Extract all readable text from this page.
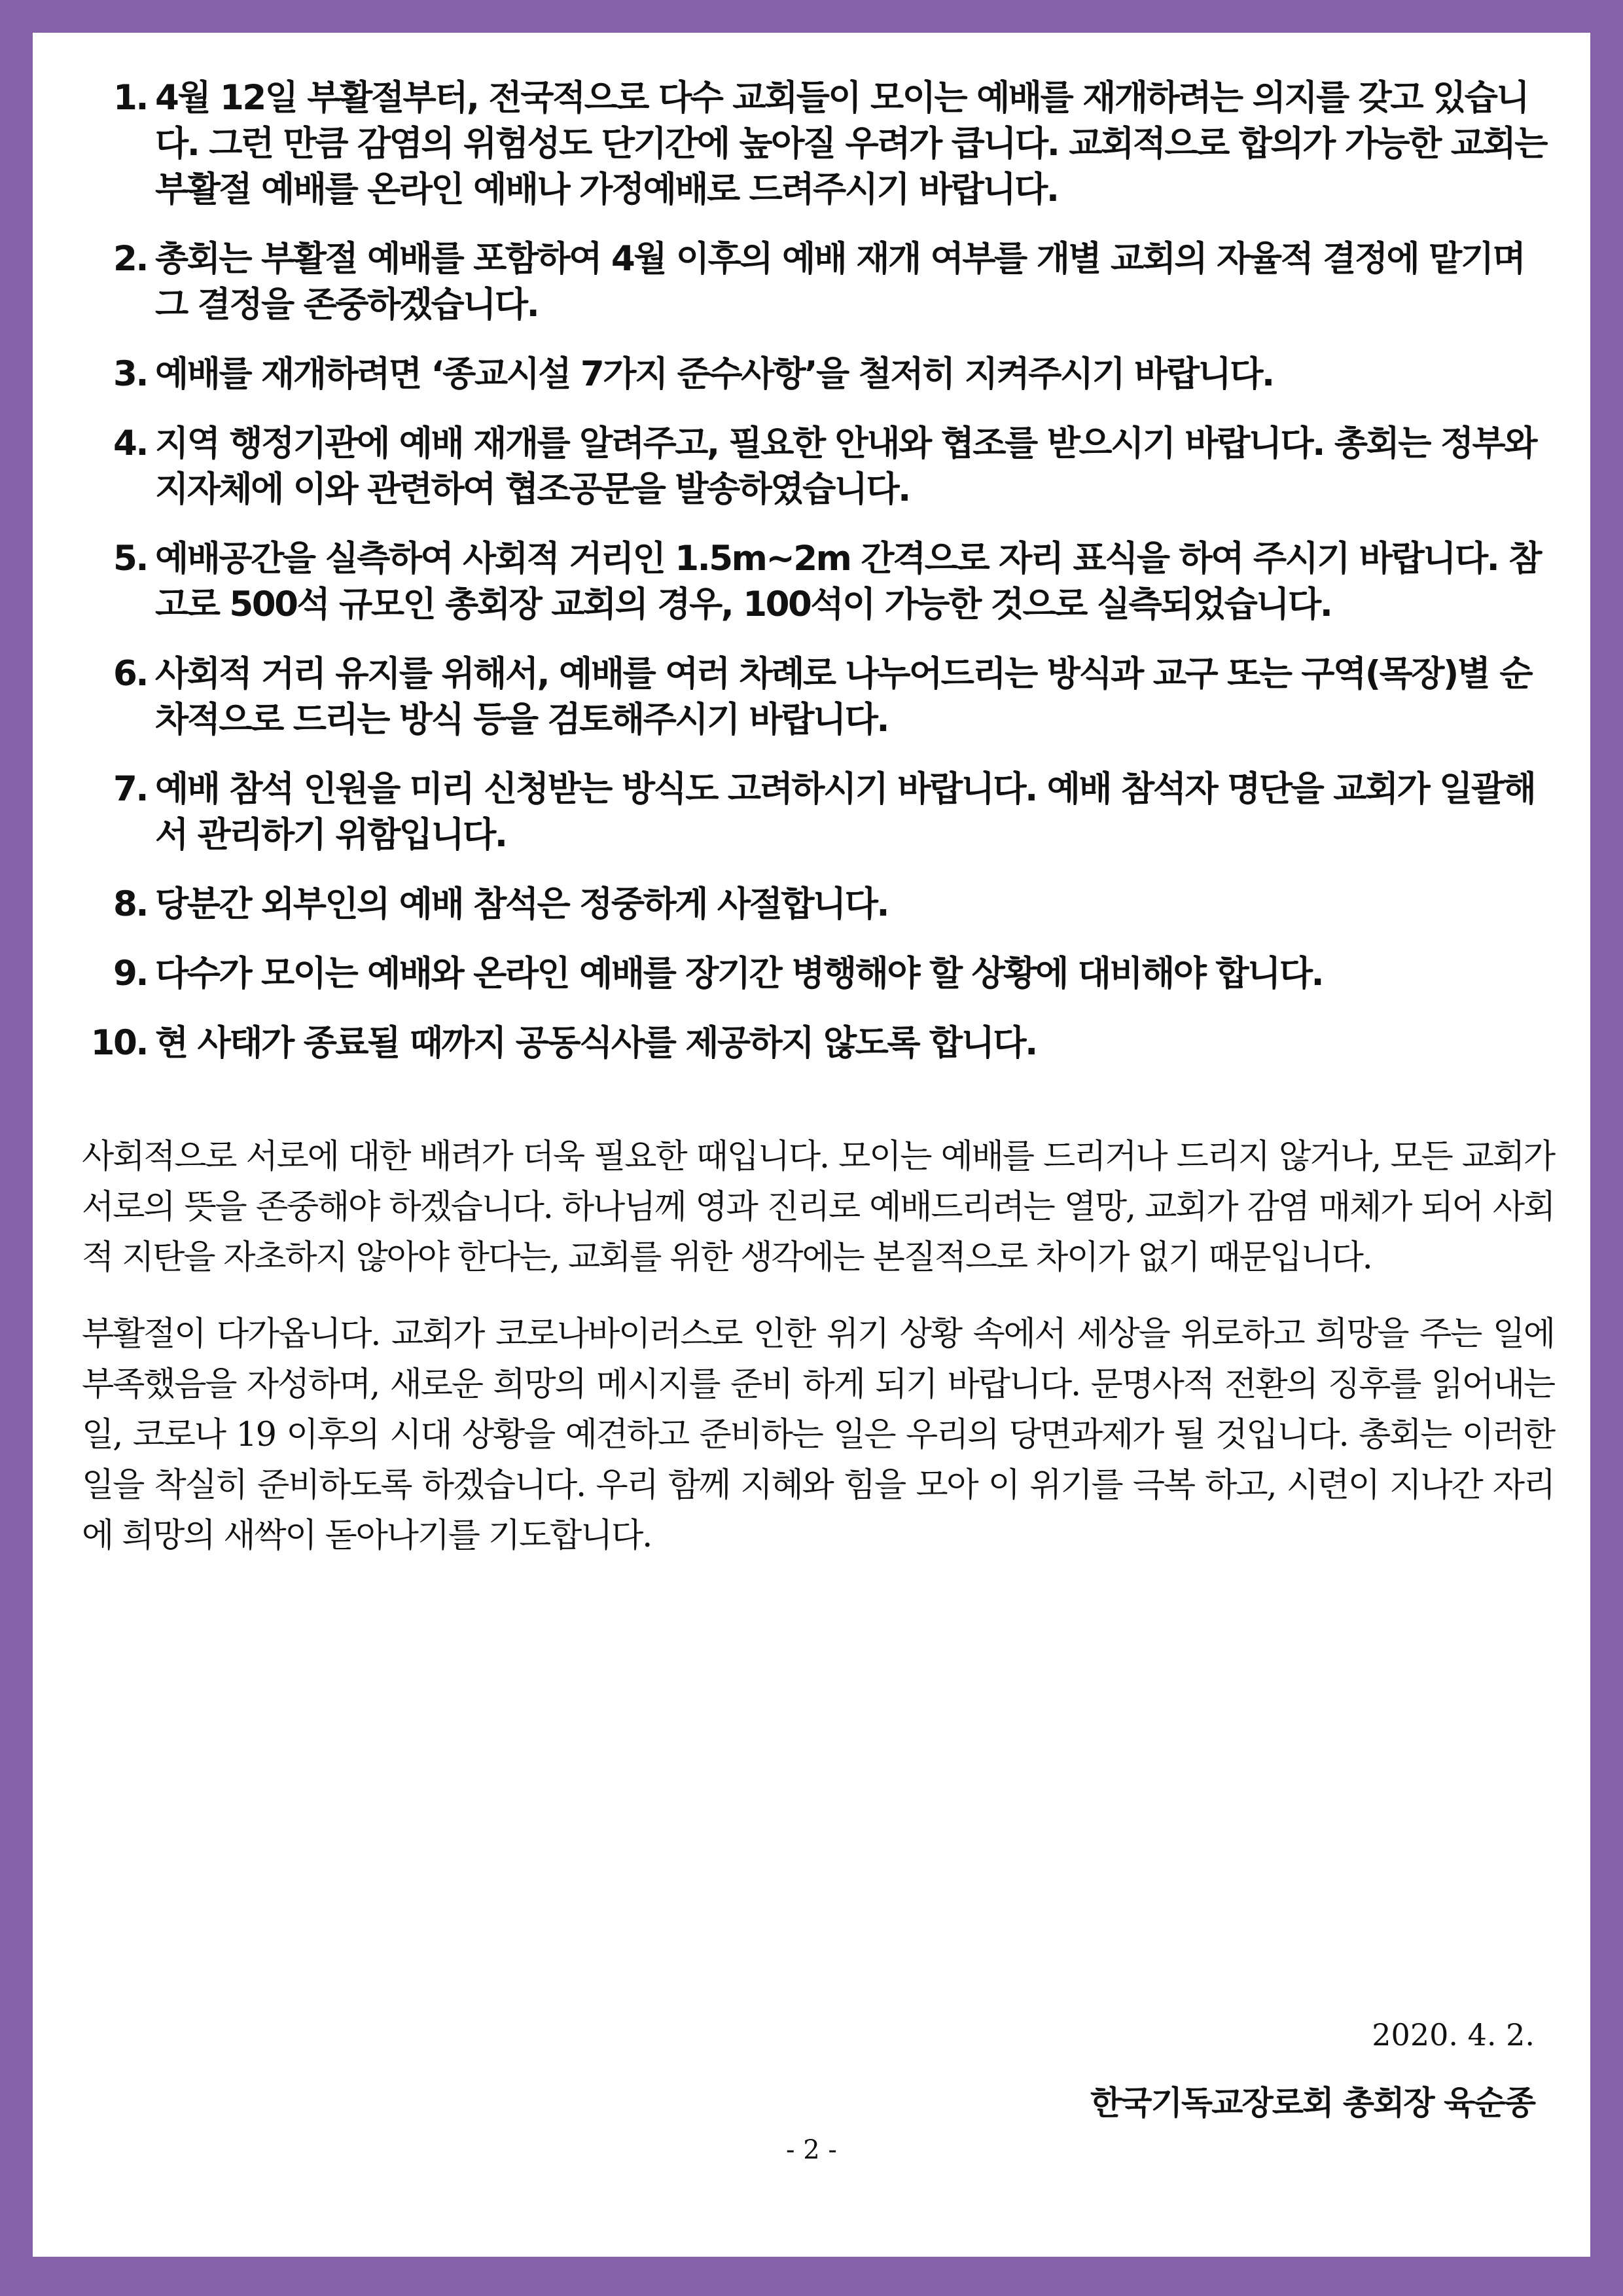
1. 4월 12일 부활절부터, 전국적으로 다수 교회들이 모이는 예배를 재개하려는 의지를 갖고 있습니다. 그런 만큼 감염의 위험성도 단기간에 높아질 우려가 큽니다. 교회적으로 합의가 가능한 교회는 부활절 예배를 온라인 예배나 가정예배로 드려주시기 바랍니다.
2. 총회는 부활절 예배를 포함하여 4월 이후의 예배 재개 여부를 개별 교회의 자율적 결정에 맡기며 그 결정을 존중하겠습니다.
3. 예배를 재개하려면 ‘종교시설 7가지 준수사항’을 철저히 지켜주시기 바랍니다.
4. 지역 행정기관에 예배 재개를 알려주고, 필요한 안내와 협조를 받으시기 바랍니다. 총회는 정부와 지자체에 이와 관련하여 협조공문을 발송하였습니다.
5. 예배공간을 실측하여 사회적 거리인 1.5m~2m 간격으로 자리 표식을 하여 주시기 바랍니다. 참고로 500석 규모인 총회장 교회의 경우, 100석이 가능한 것으로 실측되었습니다.
6. 사회적 거리 유지를 위해서, 예배를 여러 차례로 나누어드리는 방식과 교구 또는 구역(목장)별 순차적으로 드리는 방식 등을 검토해주시기 바랍니다.
7. 예배 참석 인원을 미리 신청받는 방식도 고려하시기 바랍니다. 예배 참석자 명단을 교회가 일괄해서 관리하기 위함입니다.
8. 당분간 외부인의 예배 참석은 정중하게 사절합니다.
9. 다수가 모이는 예배와 온라인 예배를 장기간 병행해야 할 상황에 대비해야 합니다.
10. 현 사태가 종료될 때까지 공동식사를 제공하지 않도록 합니다.

사회적으로 서로에 대한 배려가 더욱 필요한 때입니다. 모이는 예배를 드리거나 드리지 않거나, 모든 교회가 서로의 뜻을 존중해야 하겠습니다. 하나님께 영과 진리로 예배드리려는 열망, 교회가 감염 매체가 되어 사회적 지탄을 자초하지 않아야 한다는, 교회를 위한 생각에는 본질적으로 차이가 없기 때문입니다.

부활절이 다가옵니다. 교회가 코로나바이러스로 인한 위기 상황 속에서 세상을 위로하고 희망을 주는 일에 부족했음을 자성하며, 새로운 희망의 메시지를 준비 하게 되기 바랍니다. 문명사적 전환의 징후를 읽어내는 일, 코로나 19 이후의 시대 상황을 예견하고 준비하는 일은 우리의 당면과제가 될 것입니다. 총회는 이러한 일을 착실히 준비하도록 하겠습니다. 우리 함께 지혜와 힘을 모아 이 위기를 극복 하고, 시련이 지나간 자리에 희망의 새싹이 돋아나기를 기도합니다.

2020. 4. 2.
한국기독교장로회 총회장 육순종
- 2 -
